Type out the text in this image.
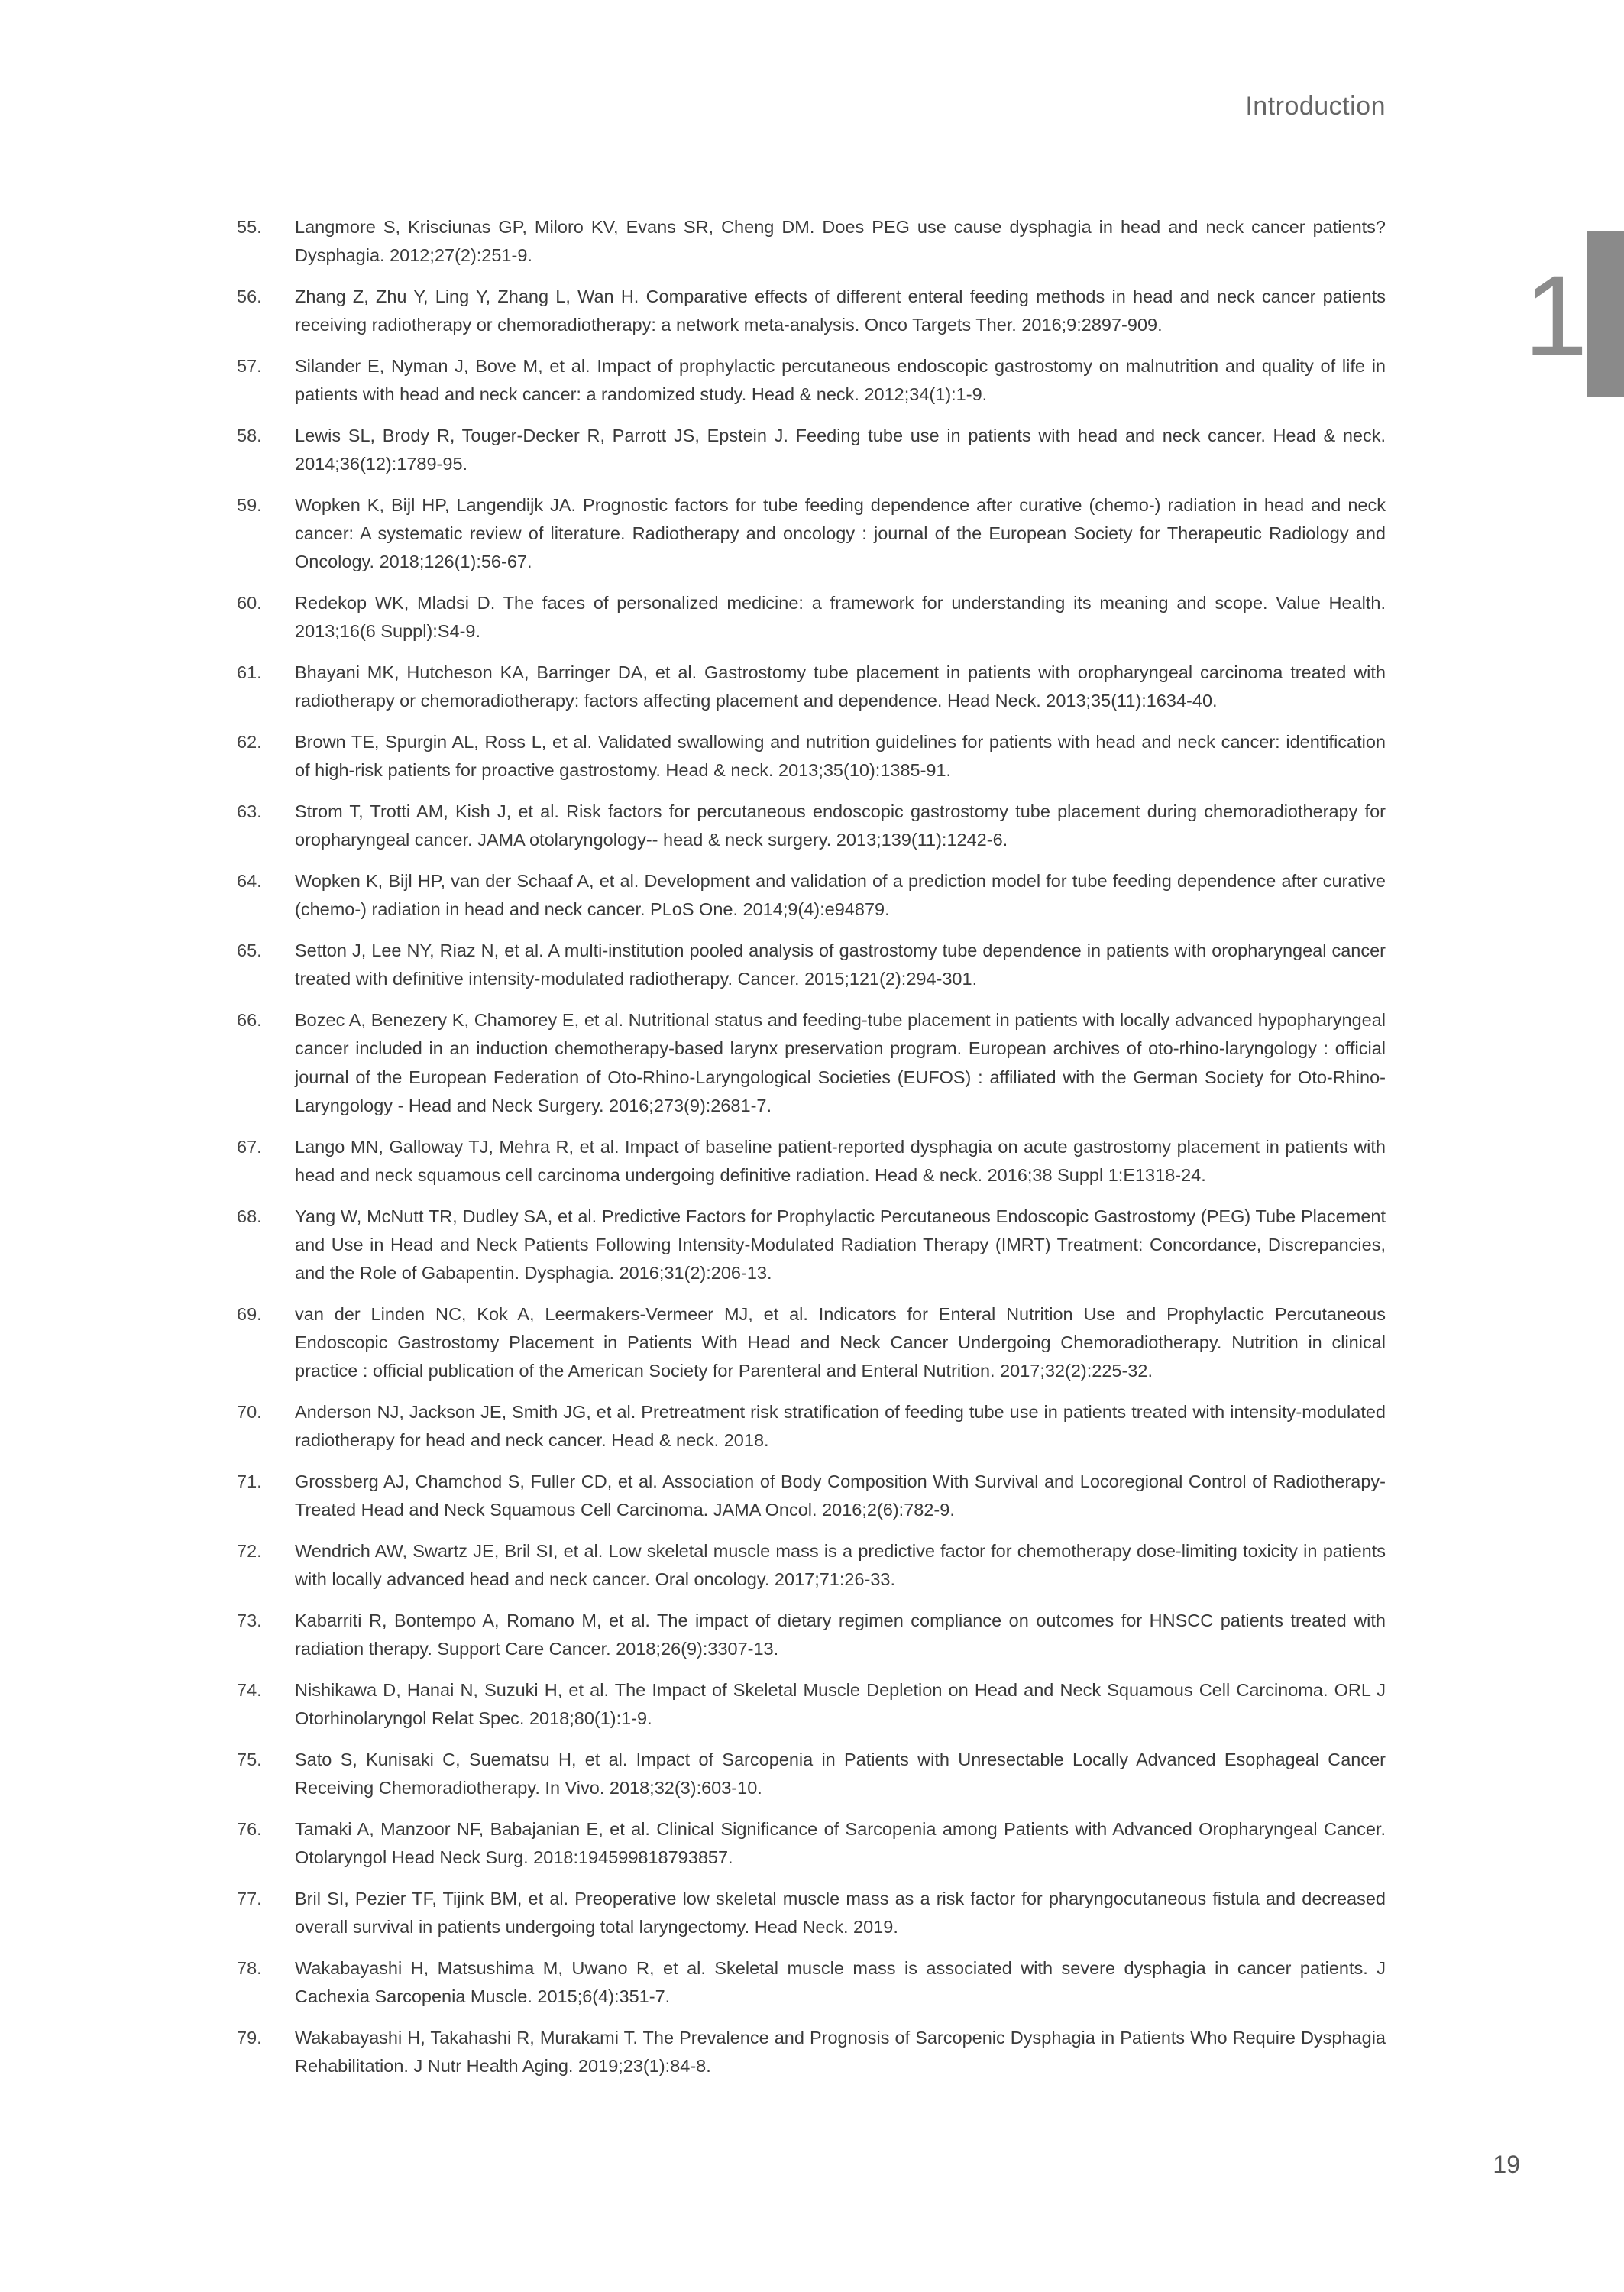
Introduction
1
55.	Langmore S, Krisciunas GP, Miloro KV, Evans SR, Cheng DM. Does PEG use cause dysphagia in head and neck cancer patients? Dysphagia. 2012;27(2):251-9.
56.	Zhang Z, Zhu Y, Ling Y, Zhang L, Wan H. Comparative effects of different enteral feeding methods in head and neck cancer patients receiving radiotherapy or chemoradiotherapy: a network meta-analysis. Onco Targets Ther. 2016;9:2897-909.
57.	Silander E, Nyman J, Bove M, et al. Impact of prophylactic percutaneous endoscopic gastrostomy on malnutrition and quality of life in patients with head and neck cancer: a randomized study. Head & neck. 2012;34(1):1-9.
58.	Lewis SL, Brody R, Touger-Decker R, Parrott JS, Epstein J. Feeding tube use in patients with head and neck cancer. Head & neck. 2014;36(12):1789-95.
59.	Wopken K, Bijl HP, Langendijk JA. Prognostic factors for tube feeding dependence after curative (chemo-) radiation in head and neck cancer: A systematic review of literature. Radiotherapy and oncology : journal of the European Society for Therapeutic Radiology and Oncology. 2018;126(1):56-67.
60.	Redekop WK, Mladsi D. The faces of personalized medicine: a framework for understanding its meaning and scope. Value Health. 2013;16(6 Suppl):S4-9.
61.	Bhayani MK, Hutcheson KA, Barringer DA, et al. Gastrostomy tube placement in patients with oropharyngeal carcinoma treated with radiotherapy or chemoradiotherapy: factors affecting placement and dependence. Head Neck. 2013;35(11):1634-40.
62.	Brown TE, Spurgin AL, Ross L, et al. Validated swallowing and nutrition guidelines for patients with head and neck cancer: identification of high-risk patients for proactive gastrostomy. Head & neck. 2013;35(10):1385-91.
63.	Strom T, Trotti AM, Kish J, et al. Risk factors for percutaneous endoscopic gastrostomy tube placement during chemoradiotherapy for oropharyngeal cancer. JAMA otolaryngology-- head & neck surgery. 2013;139(11):1242-6.
64.	Wopken K, Bijl HP, van der Schaaf A, et al. Development and validation of a prediction model for tube feeding dependence after curative (chemo-) radiation in head and neck cancer. PLoS One. 2014;9(4):e94879.
65.	Setton J, Lee NY, Riaz N, et al. A multi-institution pooled analysis of gastrostomy tube dependence in patients with oropharyngeal cancer treated with definitive intensity-modulated radiotherapy. Cancer. 2015;121(2):294-301.
66.	Bozec A, Benezery K, Chamorey E, et al. Nutritional status and feeding-tube placement in patients with locally advanced hypopharyngeal cancer included in an induction chemotherapy-based larynx preservation program. European archives of oto-rhino-laryngology : official journal of the European Federation of Oto-Rhino-Laryngological Societies (EUFOS) : affiliated with the German Society for Oto-Rhino-Laryngology - Head and Neck Surgery. 2016;273(9):2681-7.
67.	Lango MN, Galloway TJ, Mehra R, et al. Impact of baseline patient-reported dysphagia on acute gastrostomy placement in patients with head and neck squamous cell carcinoma undergoing definitive radiation. Head & neck. 2016;38 Suppl 1:E1318-24.
68.	Yang W, McNutt TR, Dudley SA, et al. Predictive Factors for Prophylactic Percutaneous Endoscopic Gastrostomy (PEG) Tube Placement and Use in Head and Neck Patients Following Intensity-Modulated Radiation Therapy (IMRT) Treatment: Concordance, Discrepancies, and the Role of Gabapentin. Dysphagia. 2016;31(2):206-13.
69.	van der Linden NC, Kok A, Leermakers-Vermeer MJ, et al. Indicators for Enteral Nutrition Use and Prophylactic Percutaneous Endoscopic Gastrostomy Placement in Patients With Head and Neck Cancer Undergoing Chemoradiotherapy. Nutrition in clinical practice : official publication of the American Society for Parenteral and Enteral Nutrition. 2017;32(2):225-32.
70.	Anderson NJ, Jackson JE, Smith JG, et al. Pretreatment risk stratification of feeding tube use in patients treated with intensity-modulated radiotherapy for head and neck cancer. Head & neck. 2018.
71.	Grossberg AJ, Chamchod S, Fuller CD, et al. Association of Body Composition With Survival and Locoregional Control of Radiotherapy-Treated Head and Neck Squamous Cell Carcinoma. JAMA Oncol. 2016;2(6):782-9.
72.	Wendrich AW, Swartz JE, Bril SI, et al. Low skeletal muscle mass is a predictive factor for chemotherapy dose-limiting toxicity in patients with locally advanced head and neck cancer. Oral oncology. 2017;71:26-33.
73.	Kabarriti R, Bontempo A, Romano M, et al. The impact of dietary regimen compliance on outcomes for HNSCC patients treated with radiation therapy. Support Care Cancer. 2018;26(9):3307-13.
74.	Nishikawa D, Hanai N, Suzuki H, et al. The Impact of Skeletal Muscle Depletion on Head and Neck Squamous Cell Carcinoma. ORL J Otorhinolaryngol Relat Spec. 2018;80(1):1-9.
75.	Sato S, Kunisaki C, Suematsu H, et al. Impact of Sarcopenia in Patients with Unresectable Locally Advanced Esophageal Cancer Receiving Chemoradiotherapy. In Vivo. 2018;32(3):603-10.
76.	Tamaki A, Manzoor NF, Babajanian E, et al. Clinical Significance of Sarcopenia among Patients with Advanced Oropharyngeal Cancer. Otolaryngol Head Neck Surg. 2018:194599818793857.
77.	Bril SI, Pezier TF, Tijink BM, et al. Preoperative low skeletal muscle mass as a risk factor for pharyngocutaneous fistula and decreased overall survival in patients undergoing total laryngectomy. Head Neck. 2019.
78.	Wakabayashi H, Matsushima M, Uwano R, et al. Skeletal muscle mass is associated with severe dysphagia in cancer patients. J Cachexia Sarcopenia Muscle. 2015;6(4):351-7.
79.	Wakabayashi H, Takahashi R, Murakami T. The Prevalence and Prognosis of Sarcopenic Dysphagia in Patients Who Require Dysphagia Rehabilitation. J Nutr Health Aging. 2019;23(1):84-8.
19
